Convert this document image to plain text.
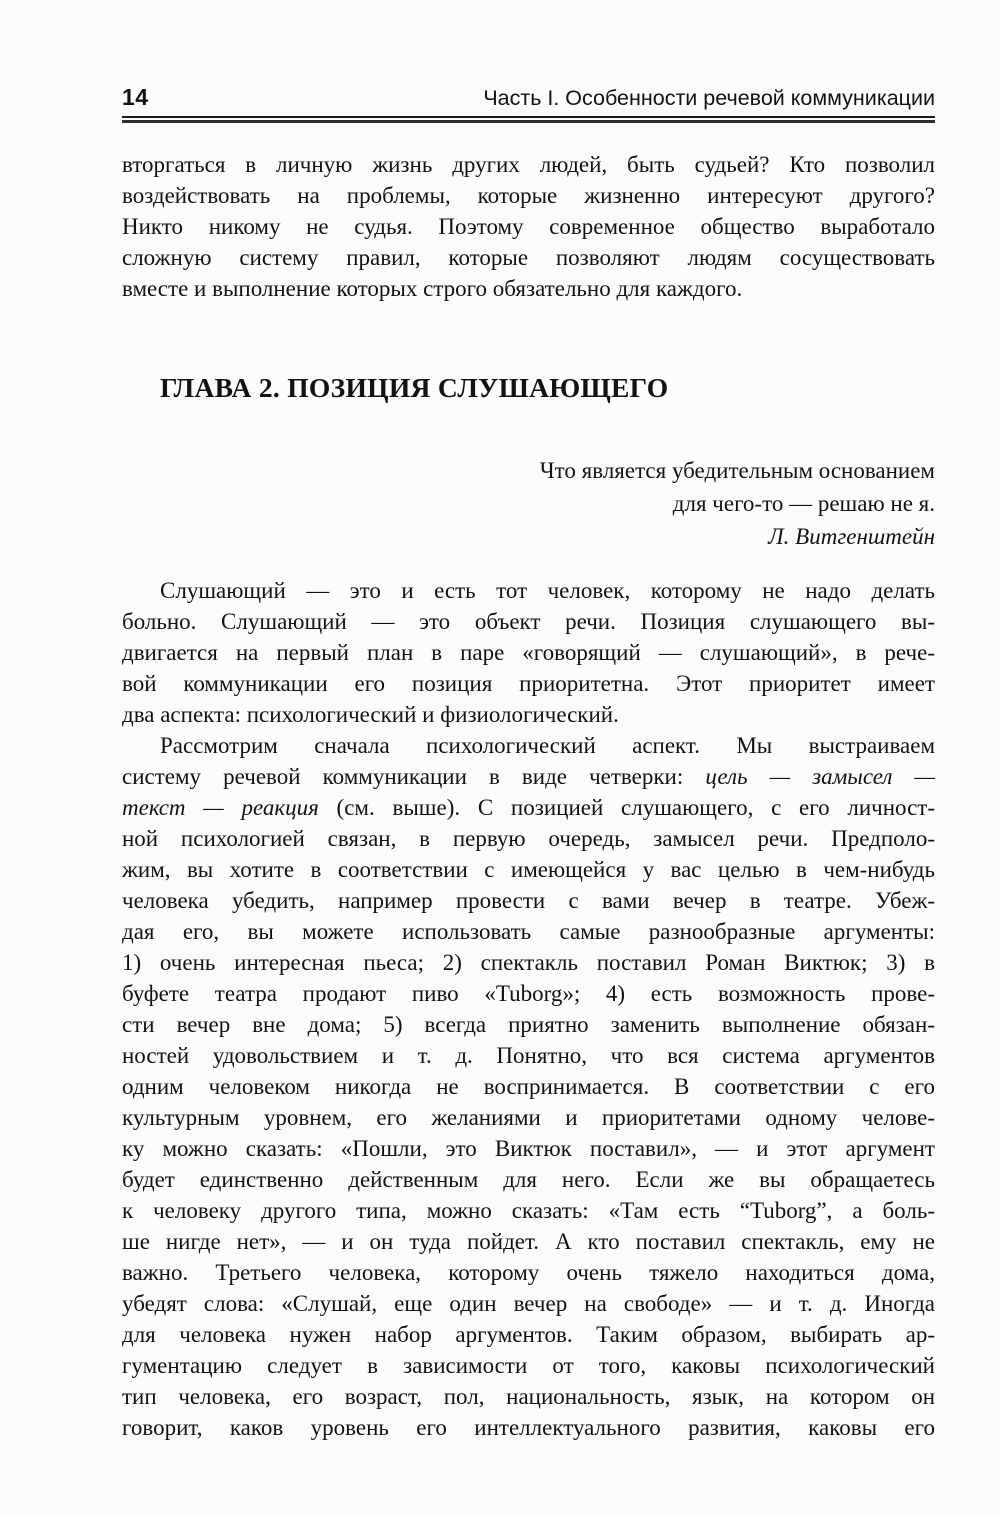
14	Часть I. Особенности речевой коммуникации
вторгаться в личную жизнь других людей, быть судьей? Кто позволил
воздействовать на проблемы, которые жизненно интересуют другого?
Никто никому не судья. Поэтому современное общество выработало
сложную систему правил, которые позволяют людям сосуществовать
вместе и выполнение которых строго обязательно для каждого.
ГЛАВА 2. ПОЗИЦИЯ СЛУШАЮЩЕГО
Что является убедительным основанием
для чего-то — решаю не я.
Л. Витгенштейн
Слушающий — это и есть тот человек, которому не надо делать
больно. Слушающий — это объект речи. Позиция слушающего вы-
двигается на первый план в паре «говорящий — слушающий», в рече-
вой коммуникации его позиция приоритетна. Этот приоритет имеет
два аспекта: психологический и физиологический.
Рассмотрим сначала психологический аспект. Мы выстраиваем
систему речевой коммуникации в виде четверки: цель — замысел —
текст — реакция (см. выше). С позицией слушающего, с его личност-
ной психологией связан, в первую очередь, замысел речи. Предполо-
жим, вы хотите в соответствии с имеющейся у вас целью в чем-нибудь
человека убедить, например провести с вами вечер в театре. Убеж-
дая его, вы можете использовать самые разнообразные аргументы:
1) очень интересная пьеса; 2) спектакль поставил Роман Виктюк; 3) в
буфете театра продают пиво «Tuborg»; 4) есть возможность прове-
сти вечер вне дома; 5) всегда приятно заменить выполнение обязан-
ностей удовольствием и т. д. Понятно, что вся система аргументов
одним человеком никогда не воспринимается. В соответствии с его
культурным уровнем, его желаниями и приоритетами одному челове-
ку можно сказать: «Пошли, это Виктюк поставил», — и этот аргумент
будет единственно действенным для него. Если же вы обращаетесь
к человеку другого типа, можно сказать: «Там есть “Tuborg”, а боль-
ше нигде нет», — и он туда пойдет. А кто поставил спектакль, ему не
важно. Третьего человека, которому очень тяжело находиться дома,
убедят слова: «Слушай, еще один вечер на свободе» — и т. д. Иногда
для человека нужен набор аргументов. Таким образом, выбирать ар-
гументацию следует в зависимости от того, каковы психологический
тип человека, его возраст, пол, национальность, язык, на котором он
говорит, каков уровень его интеллектуального развития, каковы его
